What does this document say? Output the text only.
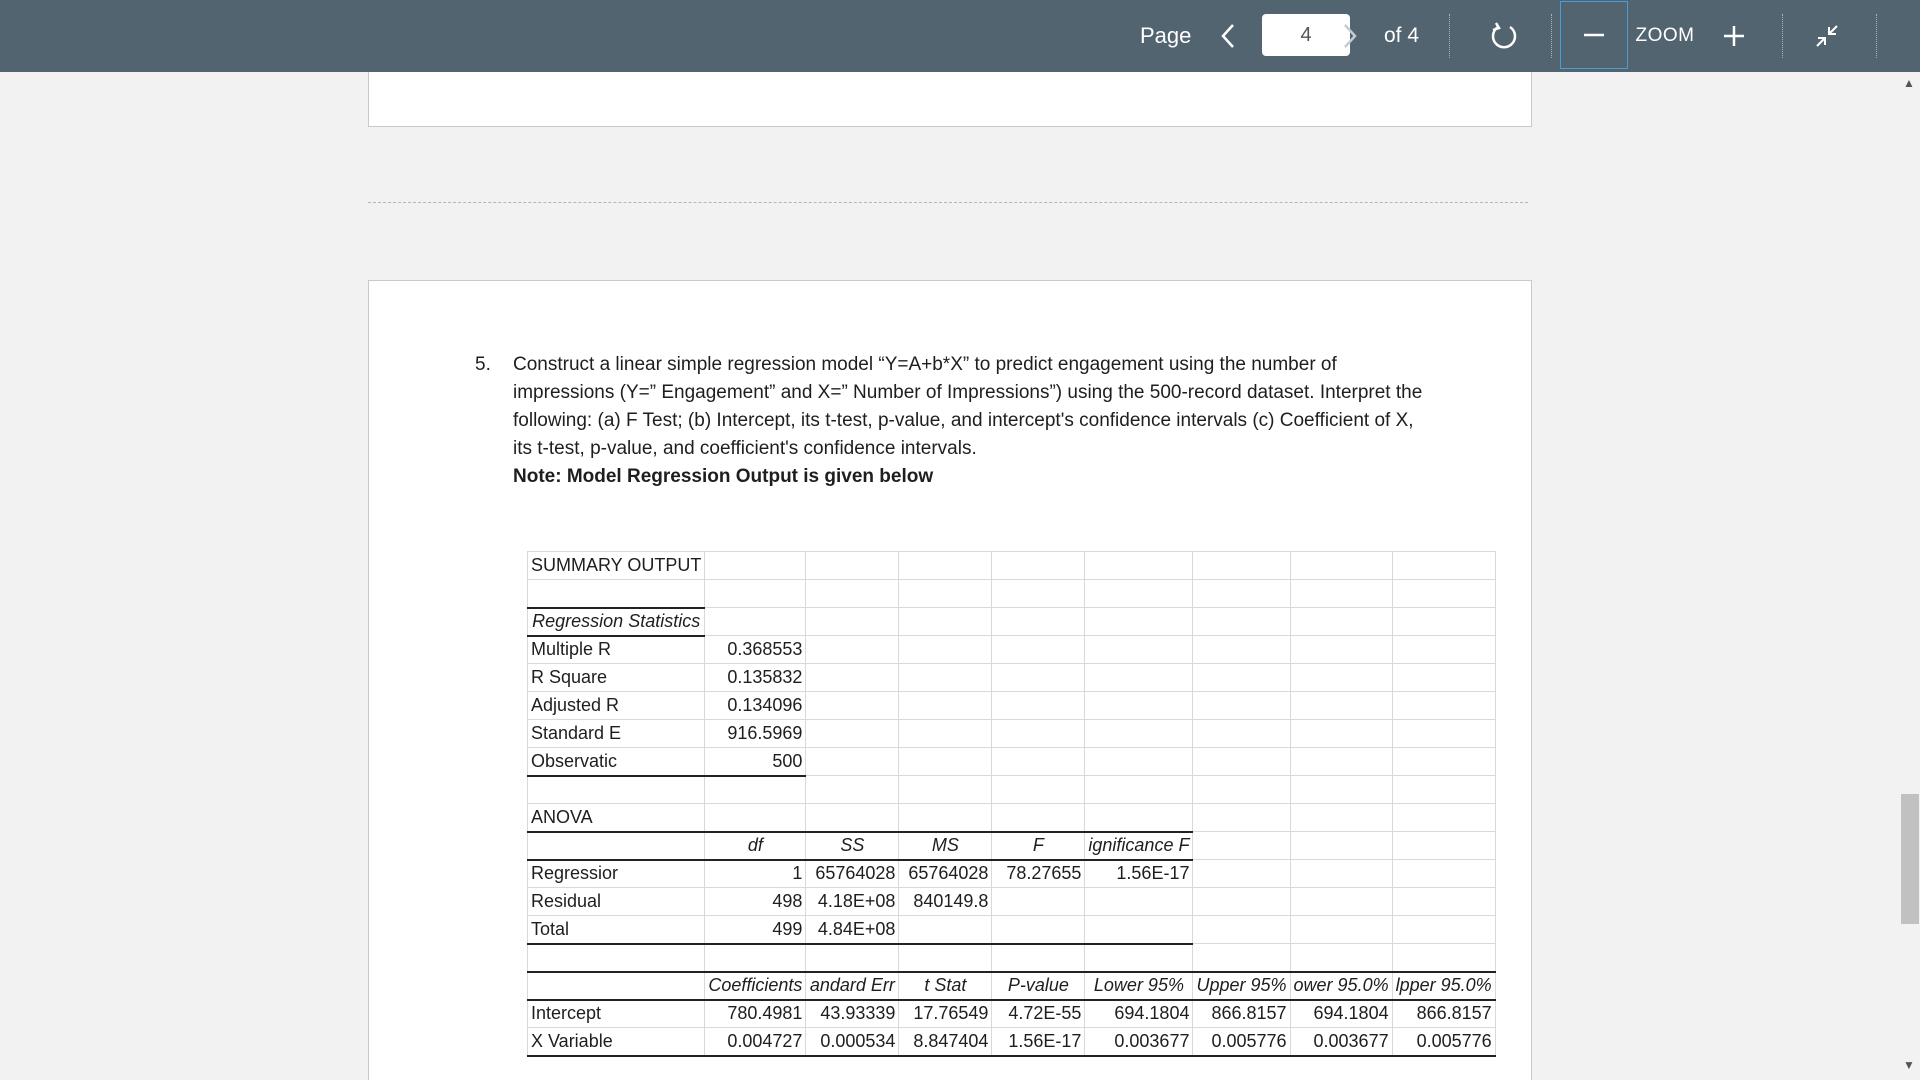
Page
4	of 4	ZOOM
5. Construct a linear simple regression model “Y=A+b*X” to predict engagement using the number of impressions (Y=” Engagement” and X=” Number of Impressions”) using the 500-record dataset. Interpret the following: (a) F Test; (b) Intercept, its t-test, p-value, and intercept's confidence intervals (c) Coefficient of X, its t-test, p-value, and coefficient's confidence intervals.
Note: Model Regression Output is given below
SUMMARY OUTPUT								

Regression Statistics								
Multiple R	0.368553							
R Square	0.135832							
Adjusted R	0.134096							
Standard E	916.5969							
Observatic	500							

ANOVA								
	df	SS	MS	F	ignificance F			
Regressior	1	65764028	65764028	78.27655	1.56E-17			
Residual	498	4.18E+08	840149.8					
Total	499	4.84E+08						

	Coefficients	andard Err	t Stat	P-value	Lower 95%	Upper 95%	ower 95.0%	lpper 95.0%
Intercept	780.4981	43.93339	17.76549	4.72E-55	694.1804	866.8157	694.1804	866.8157
X Variable	0.004727	0.000534	8.847404	1.56E-17	0.003677	0.005776	0.003677	0.005776
▲
▼
